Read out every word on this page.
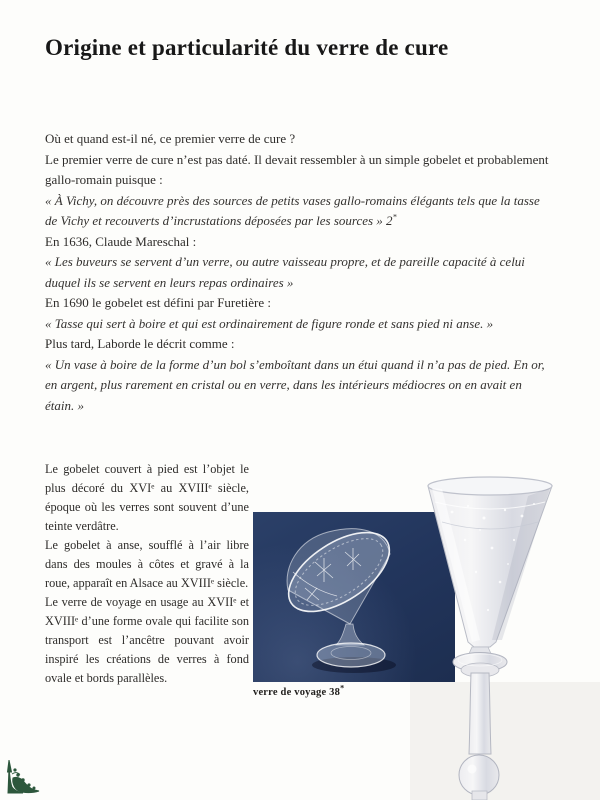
Origine et particularité du verre de cure

Où et quand est-il né, ce premier verre de cure ?

Le premier verre de cure n’est pas daté. Il devait ressembler à un simple gobelet et probablement gallo-romain puisque :

« À Vichy, on découvre près des sources de petits vases gallo-romains élégants tels que la tasse de Vichy et recouverts d’incrustations déposées par les sources » 2*

En 1636, Claude Mareschal :

« Les buveurs se servent d’un verre, ou autre vaisseau propre, et de pareille capacité à celui duquel ils se servent en leurs repas ordinaires »

En 1690 le gobelet est défini par Furetière :

« Tasse qui sert à boire et qui est ordinairement de figure ronde et sans pied ni anse. »

Plus tard, Laborde le décrit comme :

« Un vase à boire de la forme d’un bol s’emboîtant dans un étui quand il n’a pas de pied. En or, en argent, plus rarement en cristal ou en verre, dans les intérieurs médiocres on en avait en étain. »

Le gobelet couvert à pied est l’objet le plus décoré du XVIᵉ au XVIIIᵉ siècle, époque où les verres sont souvent d’une teinte verdâtre.

Le gobelet à anse, soufflé à l’air libre dans des moules à côtes et gravé à la roue, apparaît en Alsace au XVIIIᵉ siècle.

Le verre de voyage en usage au XVIIᵉ et XVIIIᵉ d’une forme ovale qui facilite son transport est l’ancêtre pouvant avoir inspiré les créations de verres à fond ovale et bords parallèles.

verre de voyage 38*
